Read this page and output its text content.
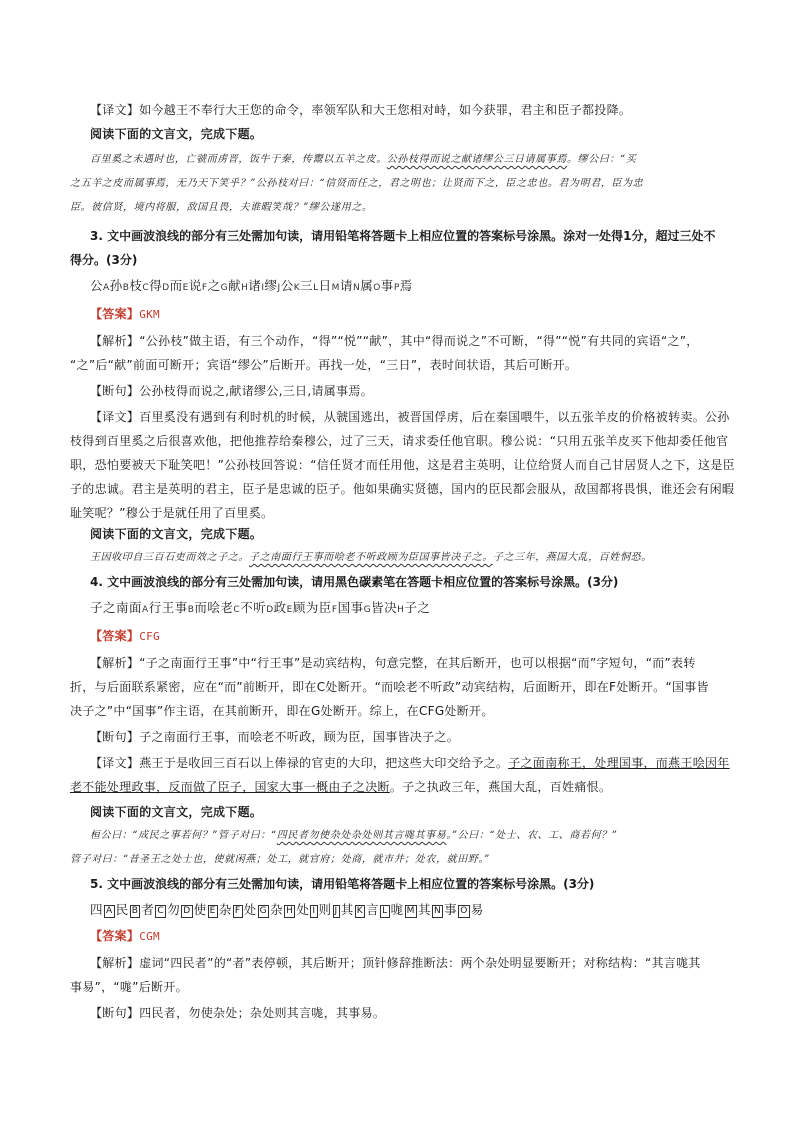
【译文】如今越王不奉行大王您的命令，率领军队和大王您相对峙，如今获罪，君主和臣子都投降。
阅读下面的文言文，完成下题。
百里奚之未遇时也，亡虢而虏晋，饭牛于秦，传鬻以五羊之皮。公孙枝得而说之献诸缪公三日请属事焉。缪公曰：“买
之五羊之皮而属事焉，无乃天下笑乎？”公孙枝对曰：“信贤而任之，君之明也；让贤而下之，臣之忠也。君为明君，臣为忠
臣。彼信贤，境内将服，敌国且畏，夫谁暇笑哉？”缪公遂用之。
3. 文中画波浪线的部分有三处需加句读，请用铅笔将答题卡上相应位置的答案标号涂黑。涂对一处得1分，超过三处不
得分。(3分)
公A孙B枝C得D而E说F之G献H诸I缪J公K三L日M请N属O事P焉
【答案】GKM
【解析】“公孙枝”做主语，有三个动作，“得”“悦”“献”，其中“得而说之”不可断，“得”“悦”有共同的宾语“之”，
“之”后“献”前面可断开；宾语“缪公”后断开。再找一处，“三日”，表时间状语，其后可断开。
【断句】公孙枝得而说之,献诸缪公,三日,请属事焉。
【译文】百里奚没有遇到有利时机的时候，从虢国逃出，被晋国俘虏，后在秦国喂牛，以五张羊皮的价格被转卖。公孙
枝得到百里奚之后很喜欢他，把他推荐给秦穆公，过了三天，请求委任他官职。穆公说：“只用五张羊皮买下他却委任他官
职，恐怕要被天下耻笑吧！”公孙枝回答说：“信任贤才而任用他，这是君主英明，让位给贤人而自己甘居贤人之下，这是臣
子的忠诚。君主是英明的君主，臣子是忠诚的臣子。他如果确实贤德，国内的臣民都会服从，敌国都将畏惧，谁还会有闲暇
耻笑呢？”穆公于是就任用了百里奚。
阅读下面的文言文，完成下题。
王因收印自三百石吏而效之子之。子之南面行王事而哙老不听政顾为臣国事皆决子之。子之三年，燕国大乱，百姓恫恐。
4. 文中画波浪线的部分有三处需加句读，请用黑色碳素笔在答题卡相应位置的答案标号涂黑。(3分)
子之南面A行王事B而哙老C不听D政E顾为臣F国事G皆决H子之
【答案】CFG
【解析】“子之南面行王事”中“行王事”是动宾结构，句意完整，在其后断开，也可以根据“而”字短句，“而”表转
折，与后面联系紧密，应在“而”前断开，即在C处断开。“而哙老不听政”动宾结构，后面断开，即在F处断开。“国事皆
决子之”中“国事”作主语，在其前断开，即在G处断开。综上，在CFG处断开。
【断句】子之南面行王事，而哙老不听政，顾为臣，国事皆决子之。
【译文】燕王于是收回三百石以上俸禄的官吏的大印，把这些大印交给予之。子之面南称王，处理国事，而燕王哙因年
老不能处理政事，反而做了臣子，国家大事一概由子之决断。子之执政三年，燕国大乱，百姓痛恨。
阅读下面的文言文，完成下题。
桓公曰：“成民之事若何？”管子对曰：“四民者勿使杂处杂处则其言哤其事易。”公曰：“处士、农、工、商若何？”
管子对曰：“昔圣王之处士也，使就闲燕；处工，就官府；处商，就市井；处农，就田野。”
5. 文中画波浪线的部分有三处需加句读，请用铅笔将答题卡上相应位置的答案标号涂黑。(3分)
四 A 民 B 者 C 勿 D 使 E 杂 F 处 G 杂 H 处 I 则 J 其 K 言 L 哤 M 其 N 事 O 易
【答案】CGM
【解析】虚词“四民者”的“者”表停顿，其后断开；顶针修辞推断法：两个杂处明显要断开；对称结构：“其言哤其
事易”，“哤”后断开。
【断句】四民者，勿使杂处；杂处则其言哤，其事易。
